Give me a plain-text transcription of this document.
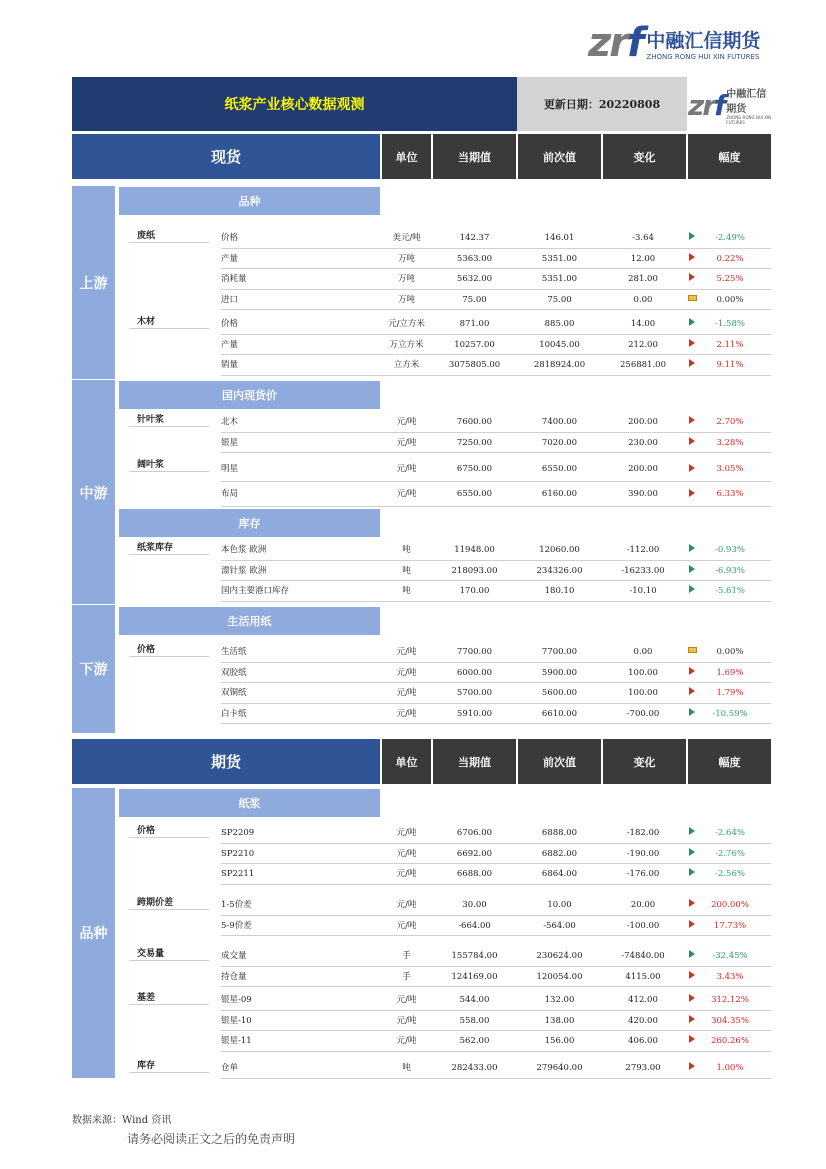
zrf 中融汇信期货
ZHONG RONG HUI XIN FUTURES
纸浆产业核心数据观测	更新日期：20220808 zrf 中融汇信期货
ZHONG RONG HUI XIN FUTURES
现货	单位	当期值	前次值	变化	幅度
上游
中游
下游
品种
国内现货价
库存
生活用纸
期货	单位	当期值	前次值	变化	幅度
品种
纸浆
废纸	价格	美元/吨	142.37	146.01	-3.64	-2.49%
产量	万吨	5363.00	5351.00	12.00	0.22%
消耗量	万吨	5632.00	5351.00	281.00	5.25%
进口	万吨	75.00	75.00	0.00	0.00%
木材	价格	元/立方米	871.00	885.00	14.00	-1.58%
产量	万立方米	10257.00	10045.00	212.00	2.11%
销量	立方米	3075805.00	2818924.00	256881.00	9.11%
针叶浆	北木	元/吨	7600.00	7400.00	200.00	2.70%
银星	元/吨	7250.00	7020.00	230.00	3.28%
阔叶浆	明星	元/吨	6750.00	6550.00	200.00	3.05%
布局	元/吨	6550.00	6160.00	390.00	6.33%
纸浆库存	本色浆 欧洲	吨	11948.00	12060.00	-112.00	-0.93%
漂针浆 欧洲	吨	218093.00	234326.00	-16233.00	-6.93%
国内主要港口库存	吨	170.00	180.10	-10.10	-5.61%
价格	生活纸	元/吨	7700.00	7700.00	0.00	0.00%
双胶纸	元/吨	6000.00	5900.00	100.00	1.69%
双铜纸	元/吨	5700.00	5600.00	100.00	1.79%
白卡纸	元/吨	5910.00	6610.00	-700.00	-10.59%
价格	SP2209	元/吨	6706.00	6888.00	-182.00	-2.64%
SP2210	元/吨	6692.00	6882.00	-190.00	-2.76%
SP2211	元/吨	6688.00	6864.00	-176.00	-2.56%
跨期价差	1-5价差	元/吨	30.00	10.00	20.00	200.00%
5-9价差	元/吨	-664.00	-564.00	-100.00	17.73%
交易量	成交量	手	155784.00	230624.00	-74840.00	-32.45%
持仓量	手	124169.00	120054.00	4115.00	3.43%
基差	银星-09	元/吨	544.00	132.00	412.00	312.12%
银星-10	元/吨	558.00	138.00	420.00	304.35%
银星-11	元/吨	562.00	156.00	406.00	260.26%
库存	仓单	吨	282433.00	279640.00	2793.00	1.00%
数据来源：Wind 资讯
请务必阅读正文之后的免责声明
